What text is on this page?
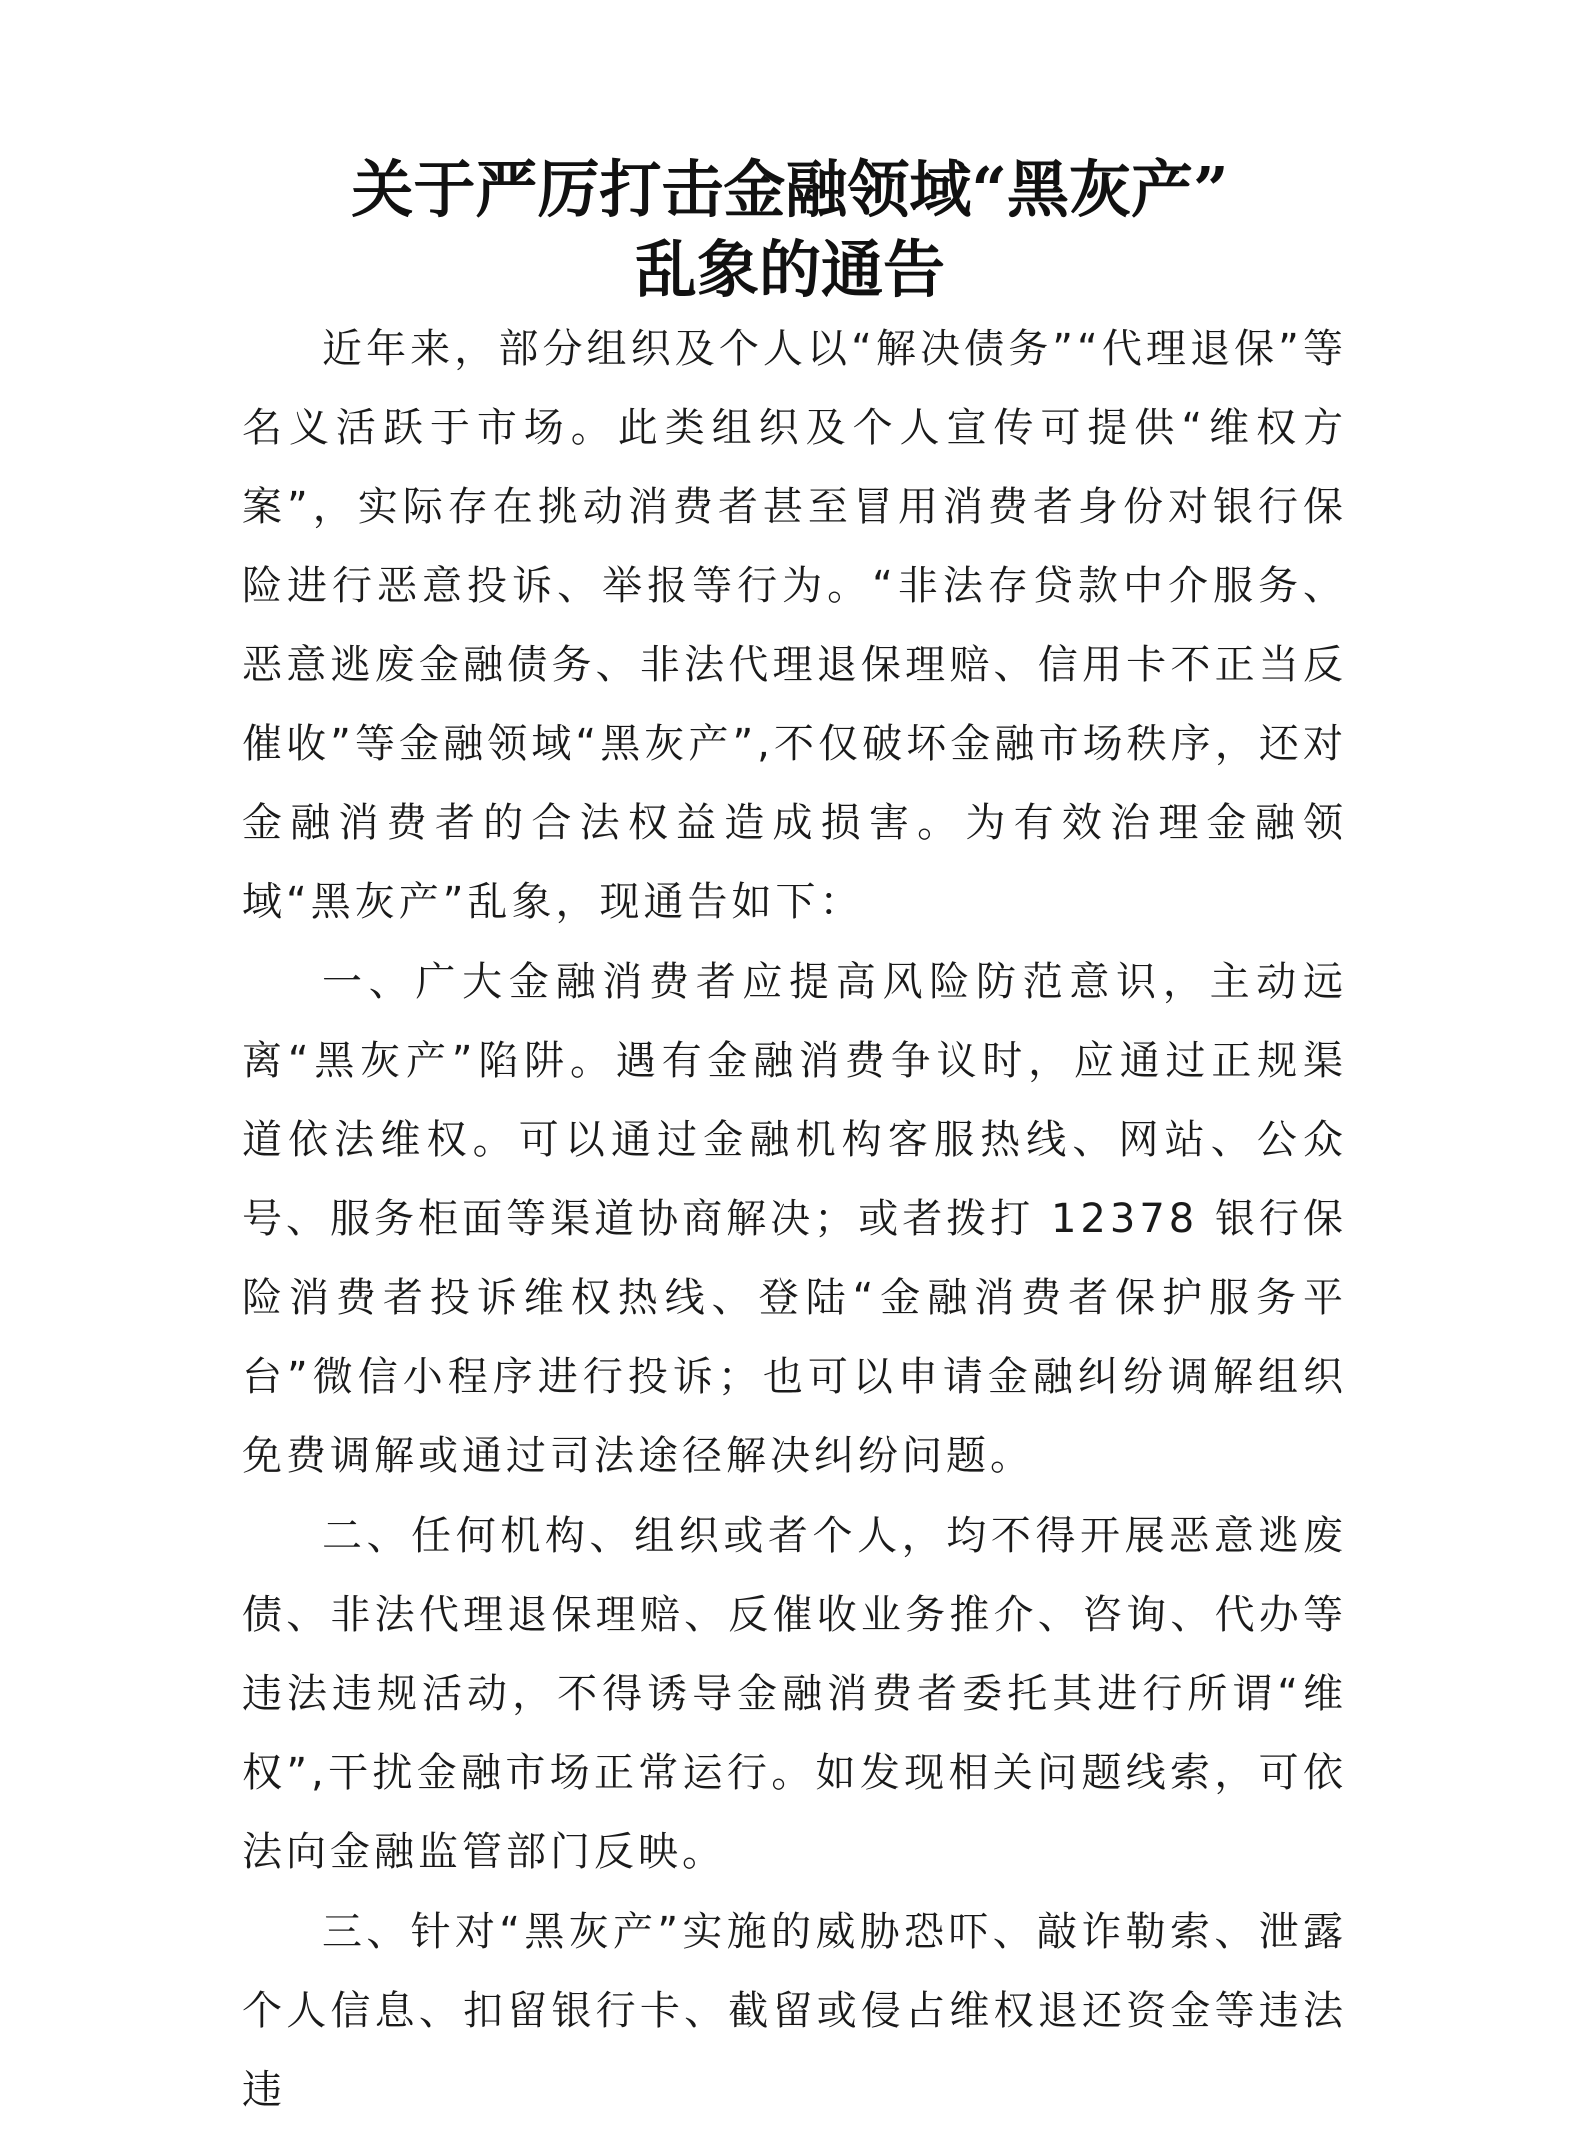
关于严厉打击金融领域“黑灰产”
乱象的通告

近年来，部分组织及个人以“解决债务”“代理退保”等名义活跃于市场。此类组织及个人宣传可提供“维权方案”，实际存在挑动消费者甚至冒用消费者身份对银行保险进行恶意投诉、举报等行为。“非法存贷款中介服务、恶意逃废金融债务、非法代理退保理赔、信用卡不正当反催收”等金融领域“黑灰产”,不仅破坏金融市场秩序，还对金融消费者的合法权益造成损害。为有效治理金融领域“黑灰产”乱象，现通告如下：

一、广大金融消费者应提高风险防范意识，主动远离“黑灰产”陷阱。遇有金融消费争议时，应通过正规渠道依法维权。可以通过金融机构客服热线、网站、公众号、服务柜面等渠道协商解决；或者拨打 12378 银行保险消费者投诉维权热线、登陆“金融消费者保护服务平台”微信小程序进行投诉；也可以申请金融纠纷调解组织免费调解或通过司法途径解决纠纷问题。

二、任何机构、组织或者个人，均不得开展恶意逃废债、非法代理退保理赔、反催收业务推介、咨询、代办等违法违规活动，不得诱导金融消费者委托其进行所谓“维权”,干扰金融市场正常运行。如发现相关问题线索，可依法向金融监管部门反映。

三、针对“黑灰产”实施的威胁恐吓、敲诈勒索、泄露个人信息、扣留银行卡、截留或侵占维权退还资金等违法违
